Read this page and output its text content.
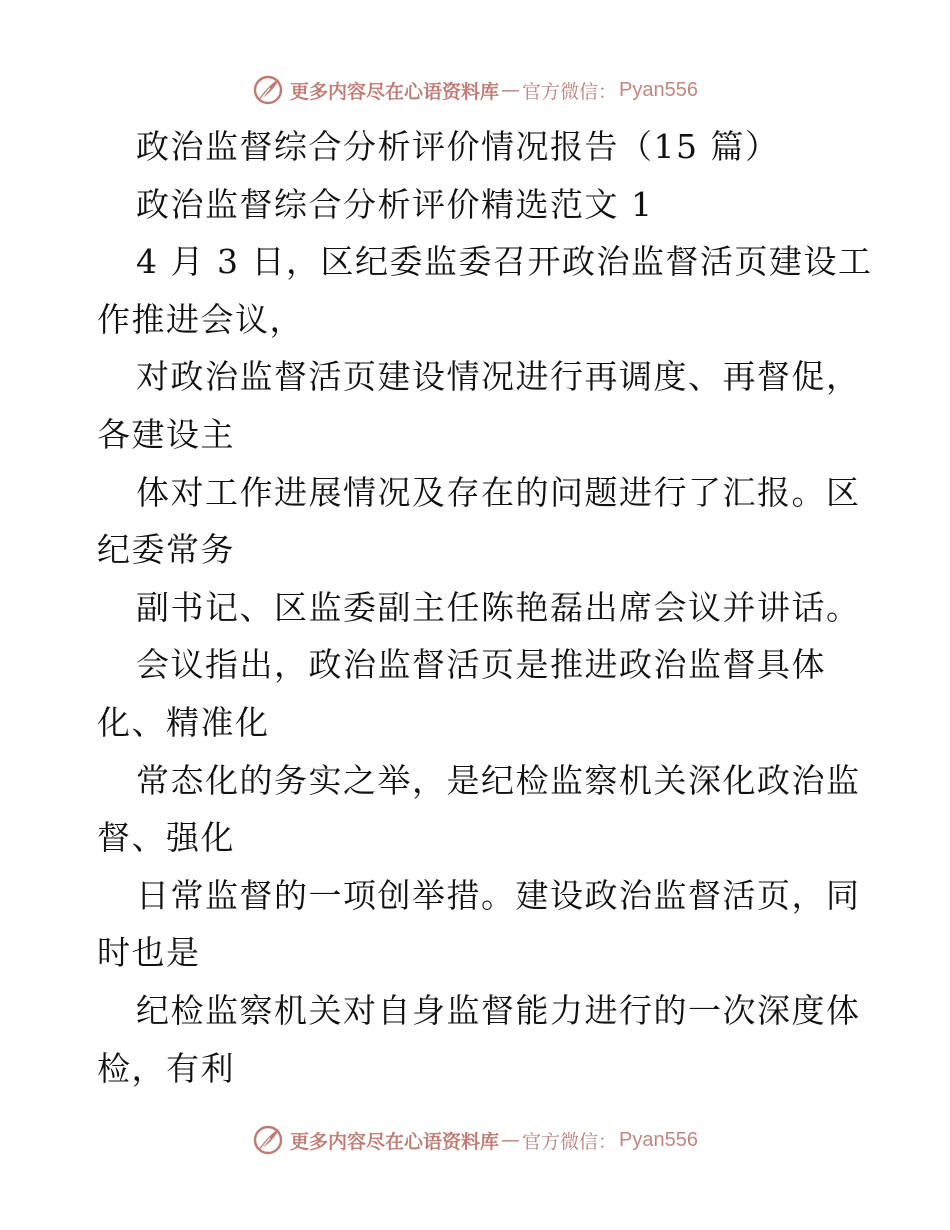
更多内容尽在心语资料库 — 官方微信： Pyan556
政治监督综合分析评价情况报告（15 篇）
政治监督综合分析评价精选范文 1
4 月 3 日，区纪委监委召开政治监督活页建设工
作推进会议，
对政治监督活页建设情况进行再调度、再督促，
各建设主
体对工作进展情况及存在的问题进行了汇报。区
纪委常务
副书记、区监委副主任陈艳磊出席会议并讲话。
会议指出，政治监督活页是推进政治监督具体
化、精准化
常态化的务实之举，是纪检监察机关深化政治监
督、强化
日常监督的一项创举措。建设政治监督活页，同
时也是
纪检监察机关对自身监督能力进行的一次深度体
检，有利
更多内容尽在心语资料库 — 官方微信： Pyan556
